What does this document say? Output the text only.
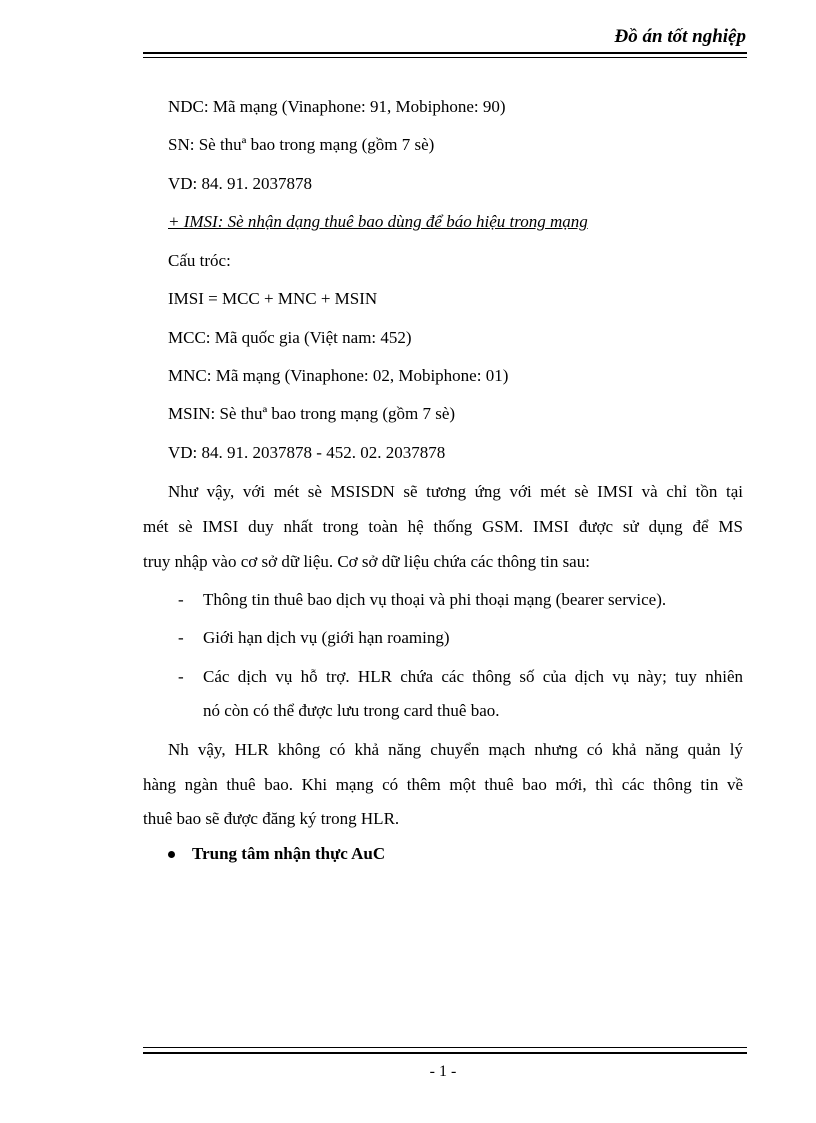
Đồ án tốt nghiệp
NDC: Mã mạng (Vinaphone: 91, Mobiphone: 90)
SN: Sè thuª bao trong mạng (gồm 7 sè)
VD: 84. 91. 2037878
+ IMSI: Sè nhận dạng thuê bao dùng để báo hiệu trong mạng
Cấu tróc:
IMSI = MCC + MNC + MSIN
MCC: Mã quốc gia (Việt nam: 452)
MNC: Mã mạng (Vinaphone: 02, Mobiphone: 01)
MSIN: Sè thuª bao trong mạng (gồm 7 sè)
VD: 84. 91. 2037878 - 452. 02. 2037878
Như vậy, với mét sè MSISDN sẽ tương ứng với mét sè IMSI và chỉ tồn tại
mét sè IMSI duy nhất trong toàn hệ thống GSM. IMSI được sử dụng để MS
truy nhập vào cơ sở dữ liệu. Cơ sở dữ liệu chứa các thông tin sau:
- Thông tin thuê bao dịch vụ thoại và phi thoại mạng (bearer service).
- Giới hạn dịch vụ (giới hạn roaming)
- Các dịch vụ hỗ trợ. HLR chứa các thông số của dịch vụ này; tuy nhiên
nó còn có thể được lưu trong card thuê bao.
Nh vậy, HLR không có khả năng chuyển mạch nhưng có khả năng quản lý
hàng ngàn thuê bao. Khi mạng có thêm một thuê bao mới, thì các thông tin về
thuê bao sẽ được đăng ký trong HLR.
Trung tâm nhận thực AuC
- 1 -
